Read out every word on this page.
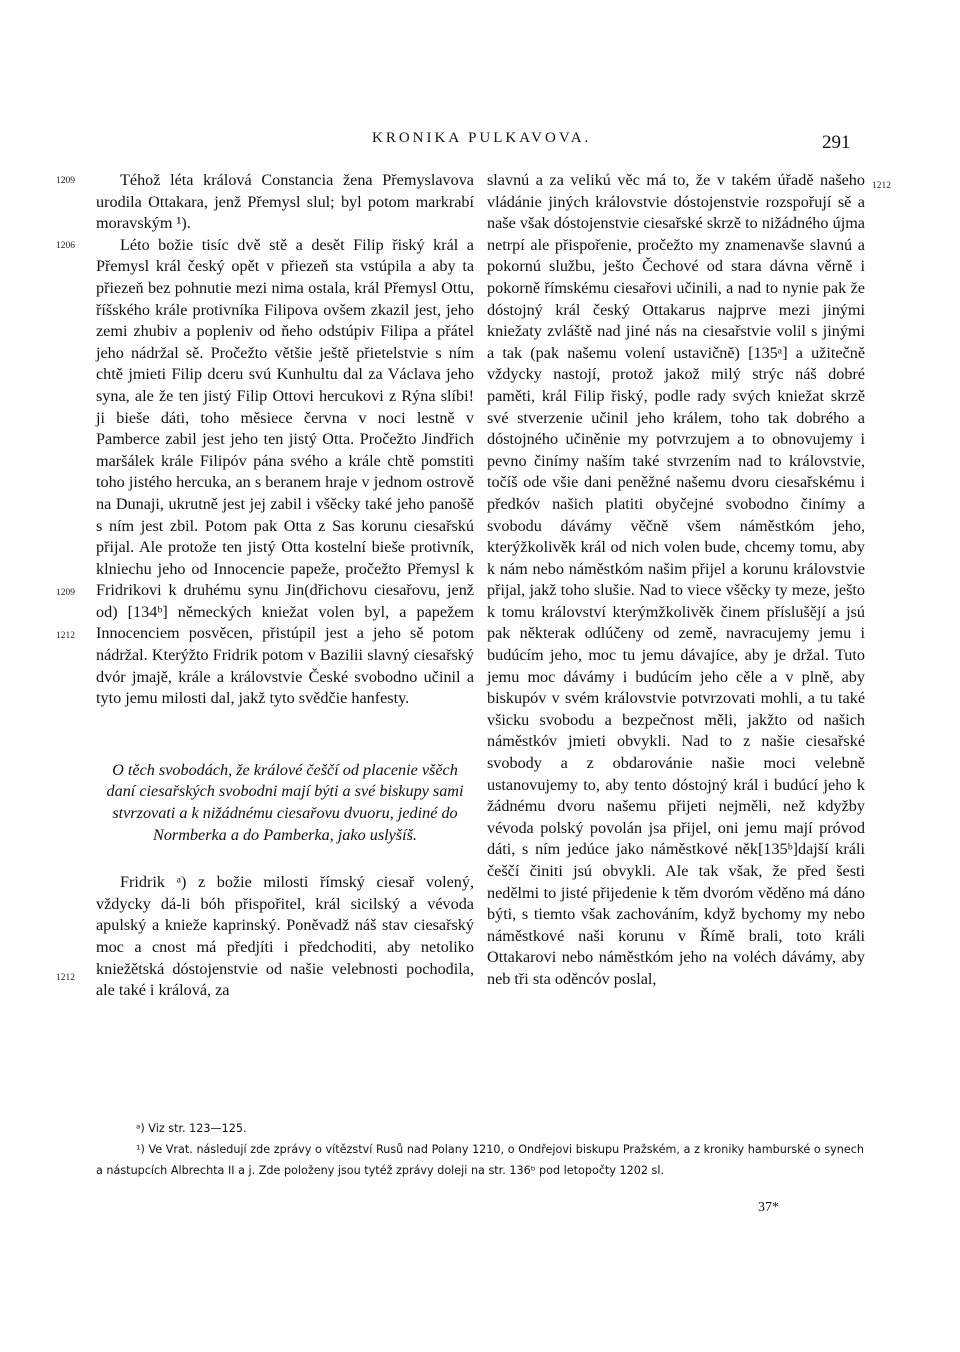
KRONIKA PULKAVOVA.	291
1209
1206
1209
1212
1212
1212

Téhož léta králová Constancia žena Přemyslavova urodila Ottakara, jenž Přemysl slul; byl potom markrabí moravským ¹).

Léto božie tisíc dvě stě a desět Filip řiský král a Přemysl král český opět v přiezeň sta vstúpila a aby ta přiezeň bez pohnutie mezi nima ostala, král Přemysl Ottu, říšského krále protivníka Filipova ovšem zkazil jest, jeho zemi zhubiv a popleniv od ňeho odstúpiv Filipa a přátel jeho nádržal sě. Pročežto většie ještě přietelstvie s ním chtě jmieti Filip dceru svú Kunhultu dal za Václava jeho syna, ale že ten jistý Filip Ottovi hercukovi z Rýna slíbi! ji bieše dáti, toho měsiece června v noci lestně v Pamberce zabil jest jeho ten jistý Otta. Pročežto Jindřich maršálek krále Filipóv pána svého a krále chtě pomstiti toho jistého hercuka, an s beranem hraje v jednom ostrově na Dunaji, ukrutně jest jej zabil i všěcky také jeho panošě s ním jest zbil. Potom pak Otta z Sas korunu ciesařskú přijal. Ale protože ten jistý Otta kostelní bieše protivník, klniechu jeho od Innocencie papeže, pročežto Přemysl k Fridrikovi k druhému synu Jin(dřichovu ciesařovu, jenž od) [134ᵇ] německých kniežat volen byl, a papežem Innocenciem posvěcen, přistúpil jest a jeho sě potom nádržal. Kterýžto Fridrik potom v Bazilii slavný ciesařský dvór jmajě, krále a královstvie České svobodno učinil a tyto jemu milosti dal, jakž tyto svědčie hanfesty.

O těch svobodách, že králové češčí od placenie všěch daní ciesařských svobodni mají býti a své biskupy sami stvrzovati a k nižádnému ciesařovu dvuoru, jediné do Normberka a do Pamberka, jako uslyšíš.

Fridrik ᵃ) z božie milosti římský ciesař volený, vždycky dá-li bóh přispořitel, král sicilský a vévoda apulský a knieže kaprinský. Poněvadž náš stav ciesařský moc a cnost má předjíti i předchoditi, aby netoliko kniežětská dóstojenstvie od našie velebnosti pochodila, ale také i králová, za

slavnú a za velikú věc má to, že v takém úřadě našeho vládánie jiných královstvie dóstojenstvie rozspořují sě a naše však dóstojenstvie ciesařské skrzě to nižádného újma netrpí ale přispořenie, pročežto my znamenavše slavnú a pokornú službu, ješto Čechové od stara dávna věrně i pokorně římskému ciesařovi učinili, a nad to nynie pak že dóstojný král český Ottakarus najprve mezi jinými kniežaty zvláště nad jiné nás na ciesařstvie volil s jinými a tak (pak našemu volení ustavičně) [135ᵃ] a užitečně vždycky nastojí, protož jakož milý strýc náš dobré paměti, král Filip řiský, podle rady svých kniežat skrzě své stverzenie učinil jeho králem, toho tak dobrého a dóstojného učiněnie my potvrzujem a to obnovujemy i pevno činímy naším také stvrzením nad to královstvie, točíš ode všie dani peněžné našemu dvoru ciesařskému i předkóv našich platiti obyčejné svobodno činímy a svobodu dávámy věčně všem náměstkóm jeho, kterýžkolivěk král od nich volen bude, chcemy tomu, aby k nám nebo náměstkóm našim přijel a korunu královstvie přijal, jakž toho slušie. Nad to viece všěcky ty meze, ješto k tomu království kterýmžkolivěk činem příslušějí a jsú pak některak odlúčeny od země, navracujemy jemu i budúcím jeho, moc tu jemu dávajíce, aby je držal. Tuto jemu moc dávámy i budúcím jeho cěle a v plně, aby biskupóv v svém královstvie potvrzovati mohli, a tu také všicku svobodu a bezpečnost měli, jakžto od našich náměstkóv jmieti obvykli. Nad to z našie ciesařské svobody a z obdarovánie našie moci velebně ustanovujemy to, aby tento dóstojný král i budúcí jeho k žádnému dvoru našemu přijeti nejměli, než kdyžby vévoda polský povolán jsa přijel, oni jemu mají próvod dáti, s ním jedúce jako náměstkové něk[135ᵇ]dajší králi češčí činiti jsú obvykli. Ale tak však, že před šesti nedělmi to jisté přijedenie k těm dvoróm věděno má dáno býti, s tiemto však zachováním, když bychomy my nebo náměstkové naši korunu v Římě brali, toto králi Ottakarovi nebo náměstkóm jeho na voléch dávámy, aby neb tři sta oděncóv poslal,

ᵃ) Viz str. 123—125.
¹) Ve Vrat. následují zde zprávy o vítězství Rusů nad Polany 1210, o Ondřejovi biskupu Pražském, a z kroniky hamburské o synech a nástupcích Albrechta II a j. Zde položeny jsou tytéž zprávy doleji na str. 136ᵇ pod letopočty 1202 sl.
37*
